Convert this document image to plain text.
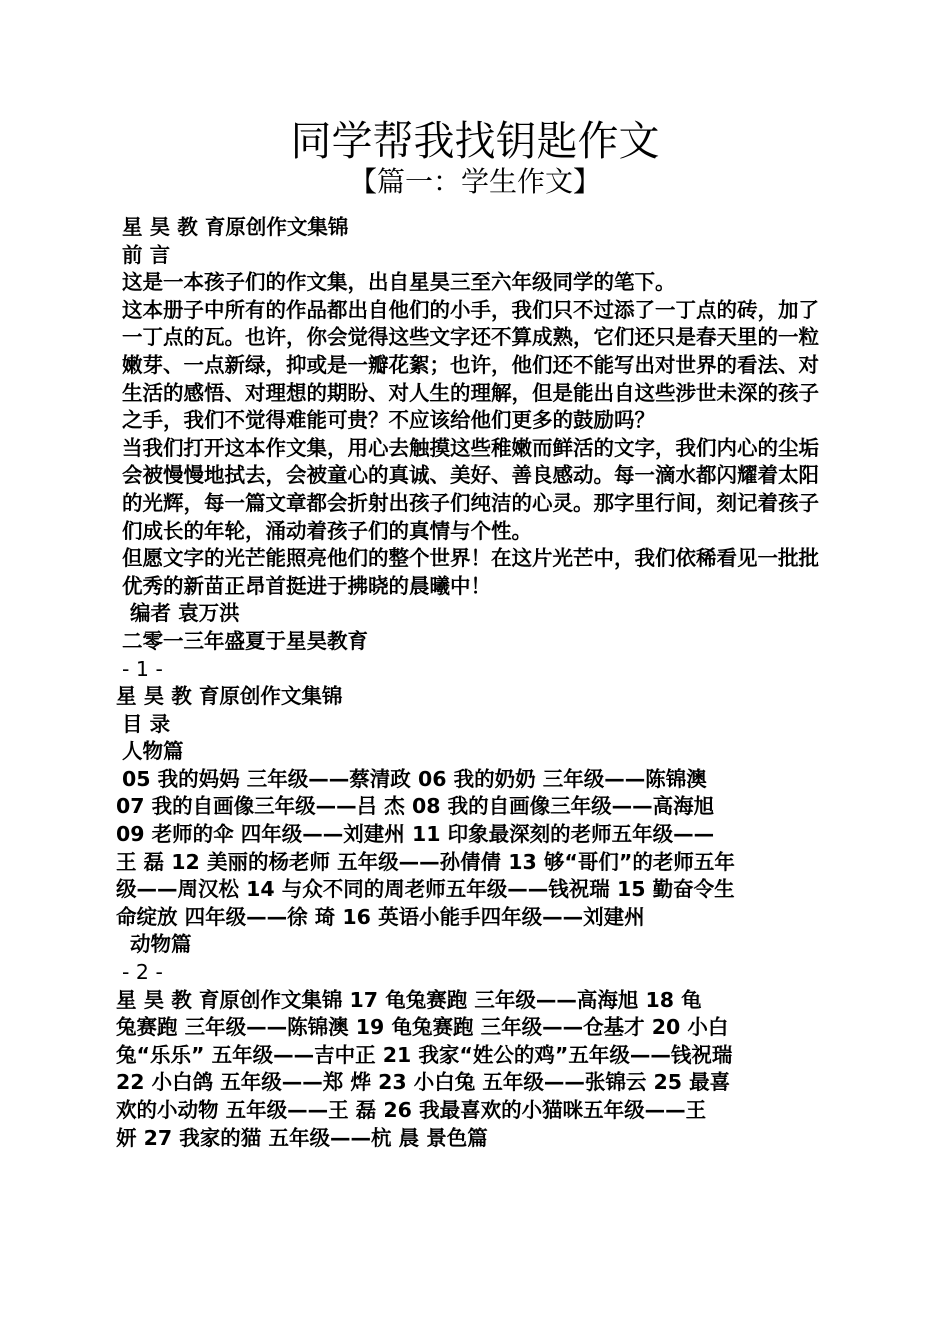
同学帮我找钥匙作文
【篇一：学生作文】

星 昊 教 育原创作文集锦

前 言

这是一本孩子们的作文集，出自星昊三至六年级同学的笔下。

这本册子中所有的作品都出自他们的小手，我们只不过添了一丁点的砖，加了一丁点的瓦。也许，你会觉得这些文字还不算成熟，它们还只是春天里的一粒嫩芽、一点新绿，抑或是一瓣花絮；也许，他们还不能写出对世界的看法、对生活的感悟、对理想的期盼、对人生的理解，但是能出自这些涉世未深的孩子之手，我们不觉得难能可贵？不应该给他们更多的鼓励吗？

当我们打开这本作文集，用心去触摸这些稚嫩而鲜活的文字，我们内心的尘垢会被慢慢地拭去，会被童心的真诚、美好、善良感动。每一滴水都闪耀着太阳的光辉，每一篇文章都会折射出孩子们纯洁的心灵。那字里行间，刻记着孩子们成长的年轮，涌动着孩子们的真情与个性。

但愿文字的光芒能照亮他们的整个世界！在这片光芒中，我们依稀看见一批批优秀的新苗正昂首挺进于拂晓的晨曦中！

编者 袁万洪

二零一三年盛夏于星昊教育

- 1 -

星 昊 教 育原创作文集锦

目 录

人物篇

05 我的妈妈 三年级——蔡清政 06 我的奶奶 三年级——陈锦澳

07 我的自画像三年级——吕 杰 08 我的自画像三年级——高海旭

09 老师的伞 四年级——刘建州 11 印象最深刻的老师五年级——

王 磊 12 美丽的杨老师 五年级——孙倩倩 13 够“哥们”的老师五年

级——周汉松 14 与众不同的周老师五年级——钱祝瑞 15 勤奋令生

命绽放 四年级——徐 琦 16 英语小能手四年级——刘建州

动物篇

- 2 -

星 昊 教 育原创作文集锦 17 龟兔赛跑 三年级——高海旭 18 龟

兔赛跑 三年级——陈锦澳 19 龟兔赛跑 三年级——仓基才 20 小白

兔“乐乐” 五年级——吉中正 21 我家“姓公的鸡”五年级——钱祝瑞

22 小白鸽 五年级——郑 烨 23 小白兔 五年级——张锦云 25 最喜

欢的小动物 五年级——王 磊 26 我最喜欢的小猫咪五年级——王

妍 27 我家的猫 五年级——杭 晨 景色篇
